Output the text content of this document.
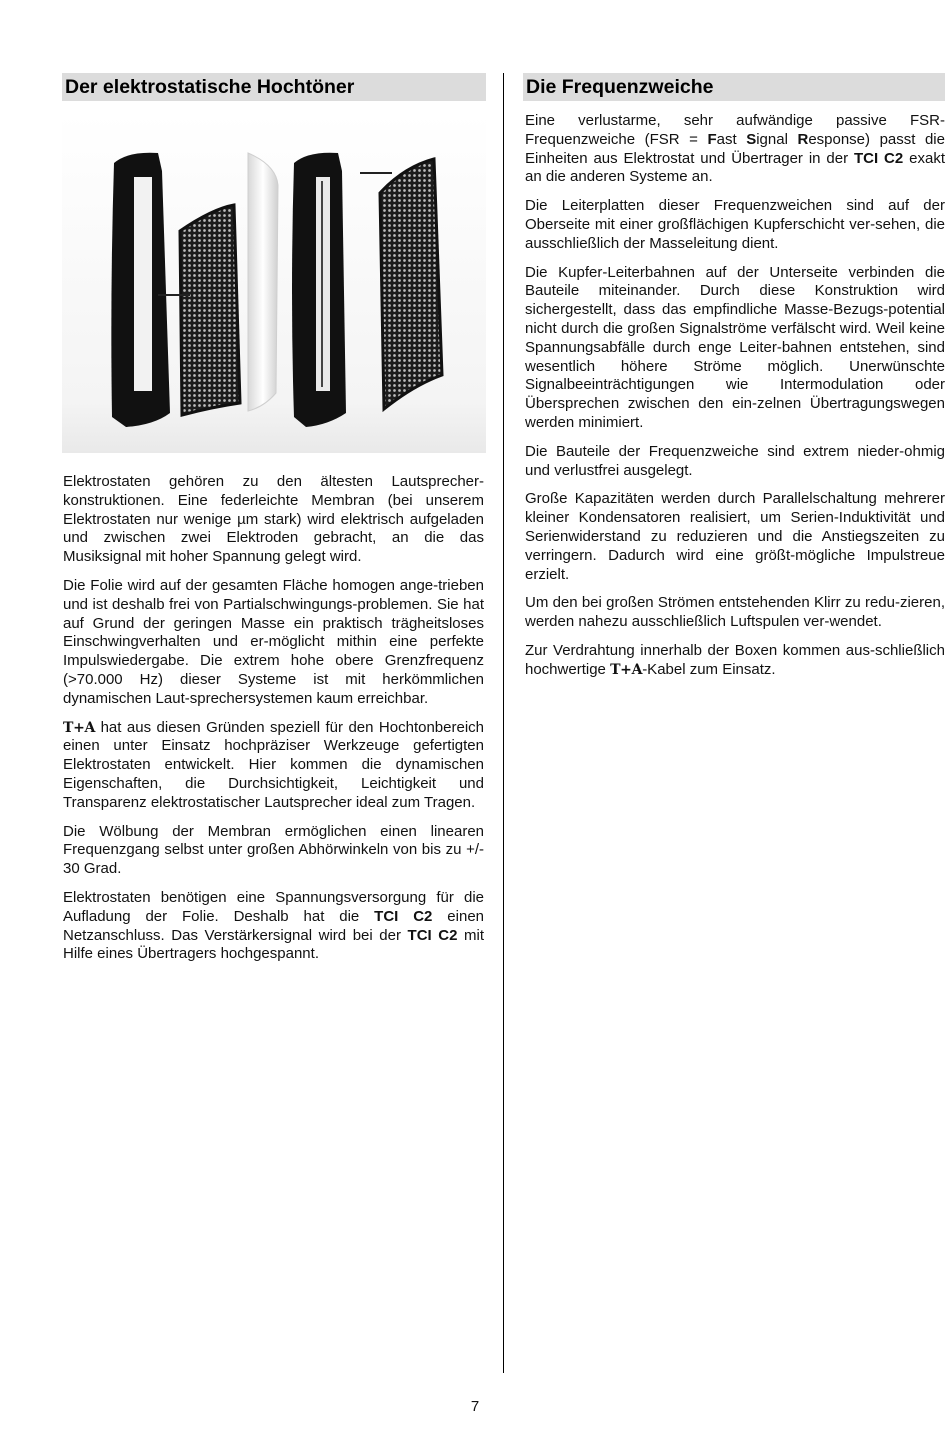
Der elektrostatische Hochtöner

Elektrostaten gehören zu den ältesten Lautsprecher-konstruktionen. Eine federleichte Membran (bei unserem Elektrostaten nur wenige µm stark) wird elektrisch aufgeladen und zwischen zwei Elektroden gebracht, an die das Musiksignal mit hoher Spannung gelegt wird.

Die Folie wird auf der gesamten Fläche homogen ange-trieben und ist deshalb frei von Partialschwingungs-problemen. Sie hat auf Grund der geringen Masse ein praktisch trägheitsloses Einschwingverhalten und er-möglicht mithin eine perfekte Impulswiedergabe. Die extrem hohe obere Grenzfrequenz (>70.000 Hz) dieser Systeme ist mit herkömmlichen dynamischen Laut-sprechersystemen kaum erreichbar.

T+A hat aus diesen Gründen speziell für den Hochtonbereich einen unter Einsatz hochpräziser Werkzeuge gefertigten Elektrostaten entwickelt. Hier kommen die dynamischen Eigenschaften, die Durchsichtigkeit, Leichtigkeit und Transparenz elektrostatischer Lautsprecher ideal zum Tragen.

Die Wölbung der Membran ermöglichen einen linearen Frequenzgang selbst unter großen Abhörwinkeln von bis zu +/- 30 Grad.

Elektrostaten benötigen eine Spannungsversorgung für die Aufladung der Folie. Deshalb hat die TCI C2 einen Netzanschluss. Das Verstärkersignal wird bei der TCI C2 mit Hilfe eines Übertragers hochgespannt.

Die Frequenzweiche

Eine verlustarme, sehr aufwändige passive FSR-Frequenzweiche (FSR = Fast Signal Response) passt die Einheiten aus Elektrostat und Übertrager in der TCI C2 exakt an die anderen Systeme an.

Die Leiterplatten dieser Frequenzweichen sind auf der Oberseite mit einer großflächigen Kupferschicht ver-sehen, die ausschließlich der Masseleitung dient.

Die Kupfer-Leiterbahnen auf der Unterseite verbinden die Bauteile miteinander. Durch diese Konstruktion wird sichergestellt, dass das empfindliche Masse-Bezugs-potential nicht durch die großen Signalströme verfälscht wird. Weil keine Spannungsabfälle durch enge Leiter-bahnen entstehen, sind wesentlich höhere Ströme möglich. Unerwünschte Signalbeeinträchtigungen wie Intermodulation oder Übersprechen zwischen den ein-zelnen Übertragungswegen werden minimiert.

Die Bauteile der Frequenzweiche sind extrem nieder-ohmig und verlustfrei ausgelegt.

Große Kapazitäten werden durch Parallelschaltung mehrerer kleiner Kondensatoren realisiert, um Serien-Induktivität und Serienwiderstand zu reduzieren und die Anstiegszeiten zu verringern. Dadurch wird eine größt-mögliche Impulstreue erzielt.

Um den bei großen Strömen entstehenden Klirr zu redu-zieren, werden nahezu ausschließlich Luftspulen ver-wendet.

Zur Verdrahtung innerhalb der Boxen kommen aus-schließlich hochwertige T+A-Kabel zum Einsatz.

7
